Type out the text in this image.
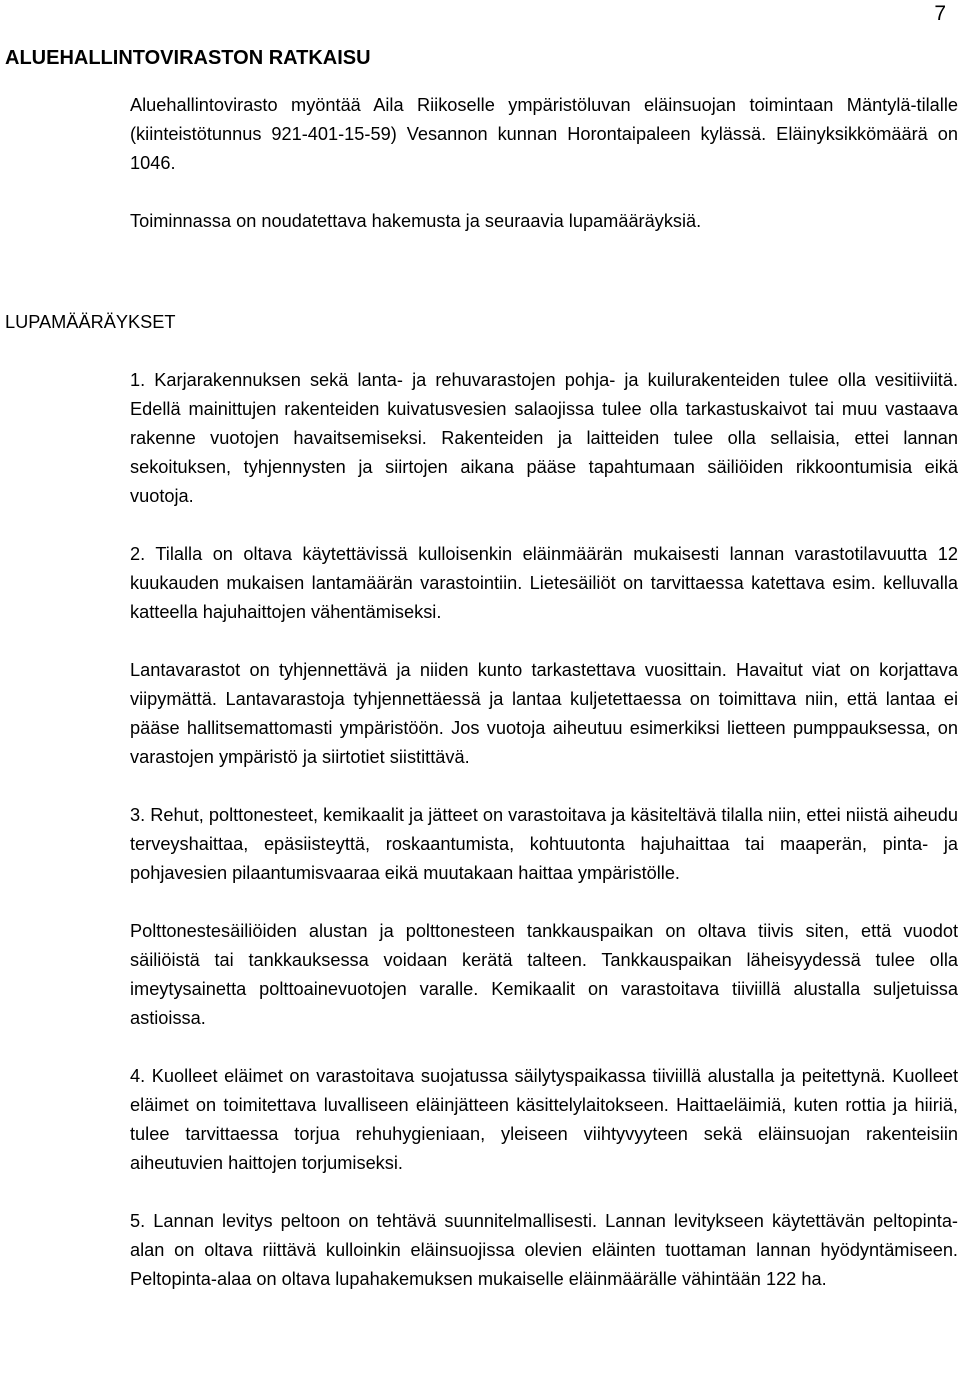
7
ALUEHALLINTOVIRASTON RATKAISU

Aluehallintovirasto myöntää Aila Riikoselle ympäristöluvan eläinsuojan toimintaan Mäntylä-tilalle (kiinteistötunnus 921-401-15-59) Vesannon kunnan Horontaipaleen kylässä. Eläinyksikkömäärä on 1046.

Toiminnassa on noudatettava hakemusta ja seuraavia lupamääräyksiä.

LUPAMÄÄRÄYKSET

1. Karjarakennuksen sekä lanta- ja rehuvarastojen pohja- ja kuilurakenteiden tulee olla vesitiiviitä. Edellä mainittujen rakenteiden kuivatusvesien salaojissa tulee olla tarkastuskaivot tai muu vastaava rakenne vuotojen havaitsemiseksi. Rakenteiden ja laitteiden tulee olla sellaisia, ettei lannan sekoituksen, tyhjennysten ja siirtojen aikana pääse tapahtumaan säiliöiden rikkoontumisia eikä vuotoja.

2. Tilalla on oltava käytettävissä kulloisenkin eläinmäärän mukaisesti lannan varastotilavuutta 12 kuukauden mukaisen lantamäärän varastointiin. Lietesäiliöt on tarvittaessa katettava esim. kelluvalla katteella hajuhaittojen vähentämiseksi.

Lantavarastot on tyhjennettävä ja niiden kunto tarkastettava vuosittain. Havaitut viat on korjattava viipymättä. Lantavarastoja tyhjennettäessä ja lantaa kuljetettaessa on toimittava niin, että lantaa ei pääse hallitsemattomasti ympäristöön. Jos vuotoja aiheutuu esimerkiksi lietteen pumppauksessa, on varastojen ympäristö ja siirtotiet siistittävä.

3. Rehut, polttonesteet, kemikaalit ja jätteet on varastoitava ja käsiteltävä tilalla niin, ettei niistä aiheudu terveyshaittaa, epäsiisteyttä, roskaantumista, kohtuutonta hajuhaittaa tai maaperän, pinta- ja pohjavesien pilaantumisvaaraa eikä muutakaan haittaa ympäristölle.

Polttonestesäiliöiden alustan ja polttonesteen tankkauspaikan on oltava tiivis siten, että vuodot säiliöistä tai tankkauksessa voidaan kerätä talteen. Tankkauspaikan läheisyydessä tulee olla imeytysainetta polttoainevuotojen varalle. Kemikaalit on varastoitava tiiviillä alustalla suljetuissa astioissa.

4. Kuolleet eläimet on varastoitava suojatussa säilytyspaikassa tiiviillä alustalla ja peitettynä. Kuolleet eläimet on toimitettava luvalliseen eläinjätteen käsittelylaitokseen. Haittaeläimiä, kuten rottia ja hiiriä, tulee tarvittaessa torjua rehuhygieniaan, yleiseen viihtyvyyteen sekä eläinsuojan rakenteisiin aiheutuvien haittojen torjumiseksi.

5. Lannan levitys peltoon on tehtävä suunnitelmallisesti. Lannan levitykseen käytettävän peltopinta-alan on oltava riittävä kulloinkin eläinsuojissa olevien eläinten tuottaman lannan hyödyntämiseen. Peltopinta-alaa on oltava lupahakemuksen mukaiselle eläinmäärälle vähintään 122 ha.
